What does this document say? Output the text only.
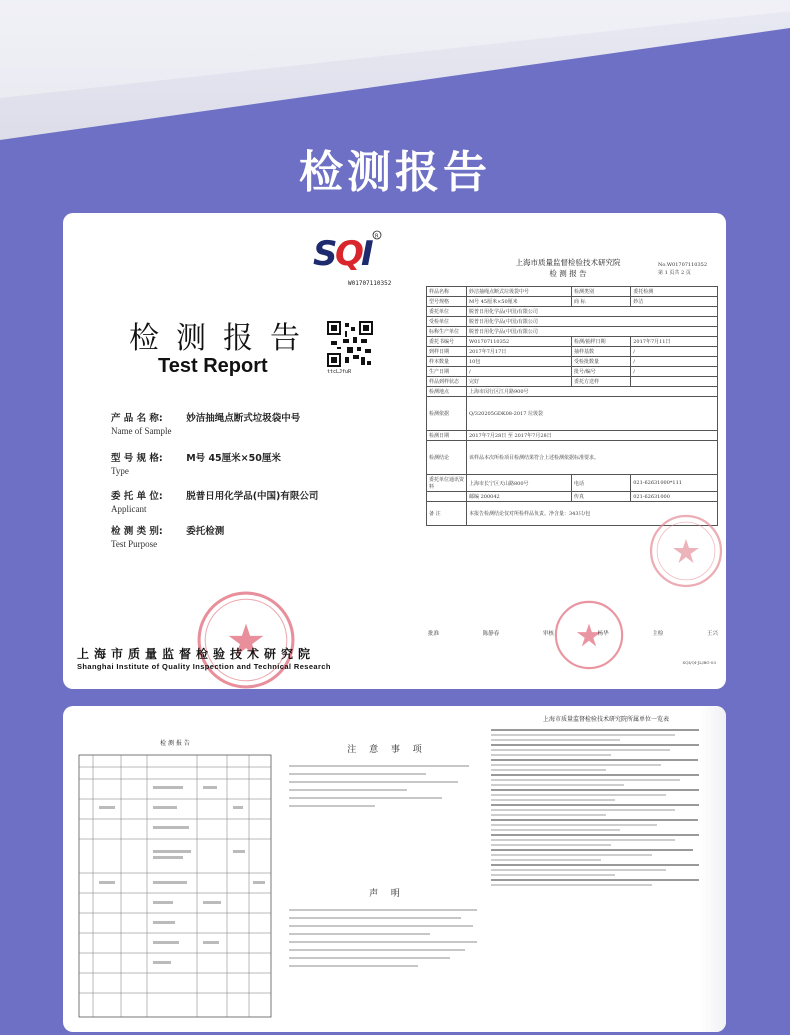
检测报告
S
Q
I R
W01707110352
检测报告
Test Report	ttcLJfuR
产 品 名 称: 妙洁抽绳点断式垃圾袋中号
Name of Sample
型 号 规 格: M号 45厘米×50厘米
Type
委 托 单 位: 脱普日用化学品(中国)有限公司
Applicant
检 测 类 别: 委托检测
Test Purpose
上海市质量监督检验技术研究院
Shanghai Institute of Quality Inspection and Technical Research
上海市质量监督检验技术研究院
检 测 报 告
No.W01707110352
第 1 页共 2 页
样品名称	妙洁抽绳点断式垃圾袋中号	检测类别	委托检测
型号规格	M号 45厘米×50厘米	商 标	妙洁
委托单位	脱普日用化学品(中国)有限公司		
受检单位	脱普日用化学品(中国)有限公司		
标称生产单位	脱普日用化学品(中国)有限公司		
委托书编号	W01707110352	检测/抽样日期	2017年7月11日
到样日期	2017年7月17日	抽样基数	/
样本数量	10包	受检批数量	/
生产日期	/	批号/编号	/
样品到样状态	完好	委托方送样	
检测地点	上海市闵行区江月路900号		
检测依据	Q/320205GDK08-2017 垃圾袋		
检测日期	2017年7月28日 至 2017年7月28日		
检测结论	该样品本次所检项目检测结果符合上述检测依据标准要求。		
委托单位通讯资料	上海市长宁区天山路800号	电话	021-62631000*111
	邮编 200042	传真	021-62631000
备 注	本报告检测结论仅对所检样品负责。净含量：343只/包		
批准	陈静春	审核	杨华	主检	王兴
SQI/QI-JL/BG-03
检 测 报 告
注 意 事 项
声 明
上海市质量监督检验技术研究院所属单位一览表
